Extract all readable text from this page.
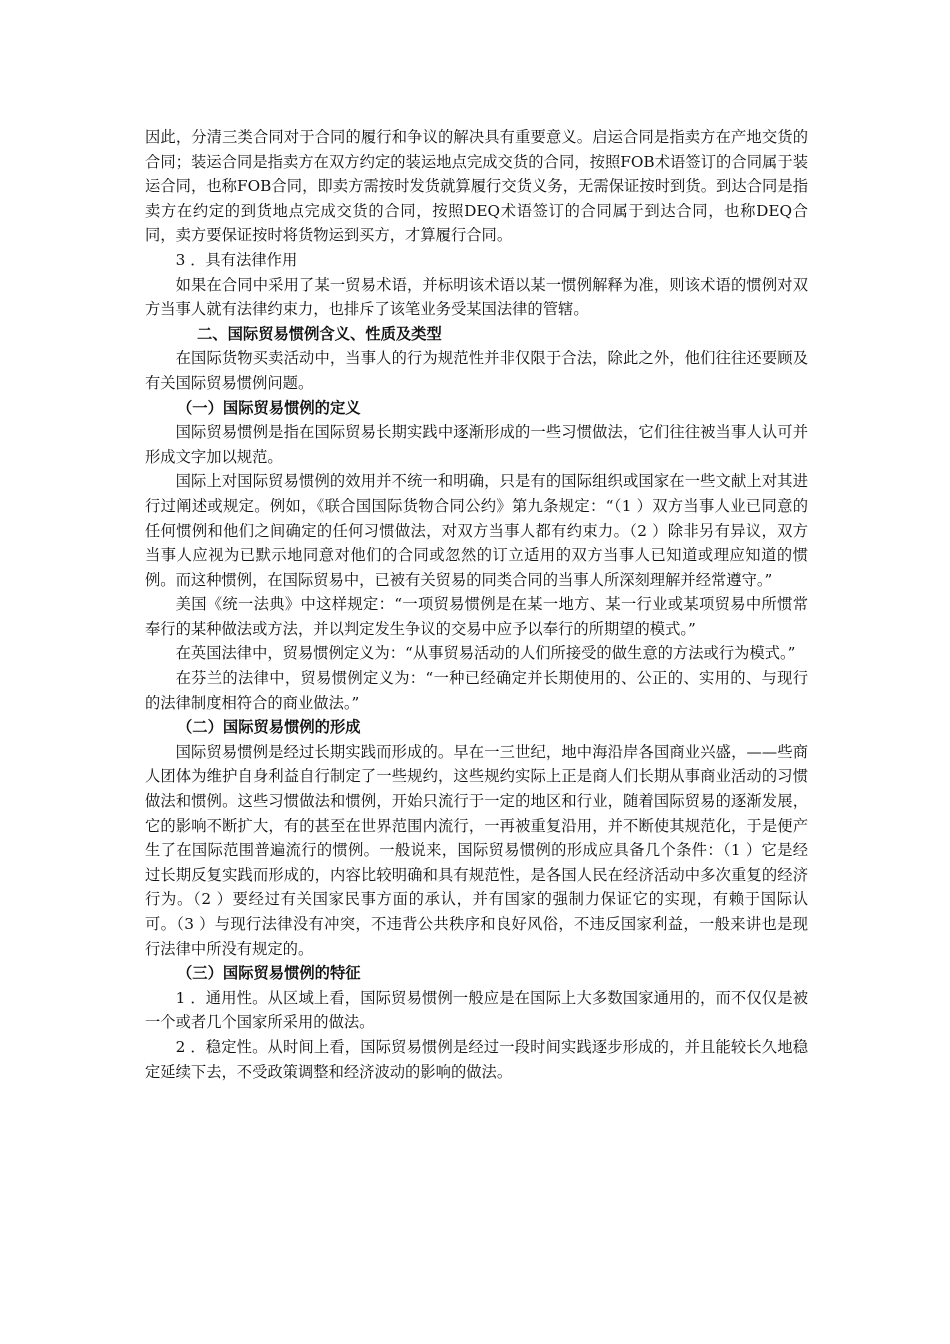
因此，分清三类合同对于合同的履行和争议的解决具有重要意义。启运合同是指卖方在产地交货的合同；装运合同是指卖方在双方约定的装运地点完成交货的合同，按照FOB术语签订的合同属于装运合同，也称FOB合同，即卖方需按时发货就算履行交货义务，无需保证按时到货。到达合同是指卖方在约定的到货地点完成交货的合同，按照DEQ术语签订的合同属于到达合同，也称DEQ合同，卖方要保证按时将货物运到买方，才算履行合同。

3 ．具有法律作用

如果在合同中采用了某一贸易术语，并标明该术语以某一惯例解释为准，则该术语的惯例对双方当事人就有法律约束力，也排斥了该笔业务受某国法律的管辖。

二、国际贸易惯例含义、性质及类型

在国际货物买卖活动中，当事人的行为规范性并非仅限于合法，除此之外，他们往往还要顾及有关国际贸易惯例问题。

（一）国际贸易惯例的定义

国际贸易惯例是指在国际贸易长期实践中逐渐形成的一些习惯做法，它们往往被当事人认可并形成文字加以规范。

国际上对国际贸易惯例的效用并不统一和明确，只是有的国际组织或国家在一些文献上对其进行过阐述或规定。例如，《联合国国际货物合同公约》第九条规定：“（1 ）双方当事人业已同意的任何惯例和他们之间确定的任何习惯做法，对双方当事人都有约束力。（2 ）除非另有异议，双方当事人应视为已默示地同意对他们的合同或忽然的订立适用的双方当事人已知道或理应知道的惯例。而这种惯例，在国际贸易中，已被有关贸易的同类合同的当事人所深刻理解并经常遵守。”

美国《统一法典》中这样规定：“一项贸易惯例是在某一地方、某一行业或某项贸易中所惯常奉行的某种做法或方法，并以判定发生争议的交易中应予以奉行的所期望的模式。”

在英国法律中，贸易惯例定义为：“从事贸易活动的人们所接受的做生意的方法或行为模式。”

在芬兰的法律中，贸易惯例定义为：“一种已经确定并长期使用的、公正的、实用的、与现行的法律制度相符合的商业做法。”

（二）国际贸易惯例的形成

国际贸易惯例是经过长期实践而形成的。早在一三世纪，地中海沿岸各国商业兴盛，——些商人团体为维护自身利益自行制定了一些规约，这些规约实际上正是商人们长期从事商业活动的习惯做法和惯例。这些习惯做法和惯例，开始只流行于一定的地区和行业，随着国际贸易的逐渐发展，它的影响不断扩大，有的甚至在世界范围内流行，一再被重复沿用，并不断使其规范化，于是便产生了在国际范围普遍流行的惯例。一般说来，国际贸易惯例的形成应具备几个条件：（1 ）它是经过长期反复实践而形成的，内容比较明确和具有规范性，是各国人民在经济活动中多次重复的经济行为。（2 ）要经过有关国家民事方面的承认，并有国家的强制力保证它的实现，有赖于国际认可。（3 ）与现行法律没有冲突，不违背公共秩序和良好风俗，不违反国家利益，一般来讲也是现行法律中所没有规定的。

（三）国际贸易惯例的特征

1 ．通用性。从区域上看，国际贸易惯例一般应是在国际上大多数国家通用的，而不仅仅是被一个或者几个国家所采用的做法。

2 ．稳定性。从时间上看，国际贸易惯例是经过一段时间实践逐步形成的，并且能较长久地稳定延续下去，不受政策调整和经济波动的影响的做法。
